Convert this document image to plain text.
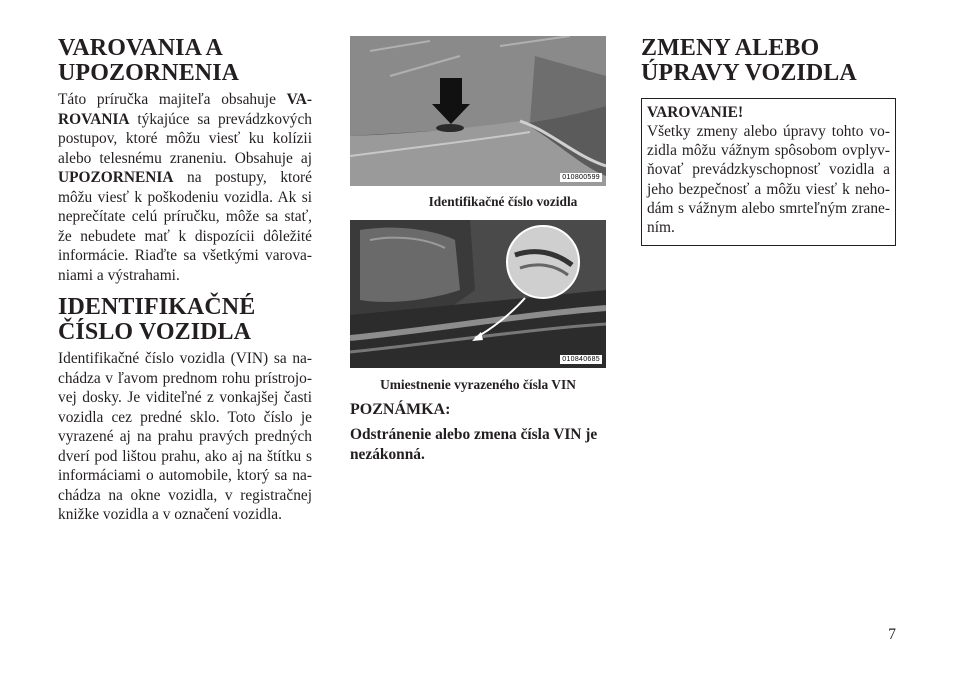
VAROVANIA A UPOZORNENIA

Táto príručka majiteľa obsahuje VA-ROVANIA týkajúce sa prevádzkových postupov, ktoré môžu viesť ku kolízii alebo telesnému zraneniu. Obsahuje aj UPOZORNENIA na postupy, ktoré môžu viesť k poškodeniu vozidla. Ak si neprečítate celú príručku, môže sa stať, že nebudete mať k dispozícii dôležité informácie. Riaďte sa všetkými varova-niami a výstrahami.

IDENTIFIKAČNÉ ČÍSLO VOZIDLA

Identifikačné číslo vozidla (VIN) sa na-chádza v ľavom prednom rohu prístrojo-vej dosky. Je viditeľné z vonkajšej časti vozidla cez predné sklo. Toto číslo je vyrazené aj na prahu pravých predných dverí pod lištou prahu, ako aj na štítku s informáciami o automobile, ktorý sa na-chádza na okne vozidla, v registračnej knižke vozidla a v označení vozidla.

010800599
Identifikačné číslo vozidla
010840685
Umiestnenie vyrazeného čísla VIN
POZNÁMKA:

Odstránenie alebo zmena čísla VIN je nezákonná.

ZMENY ALEBO ÚPRAVY VOZIDLA
VAROVANIE!

Všetky zmeny alebo úpravy tohto vo-zidla môžu vážnym spôsobom ovplyv-ňovať prevádzkyschopnosť vozidla a jeho bezpečnosť a môžu viesť k neho-dám s vážnym alebo smrteľným zrane-ním.

7
